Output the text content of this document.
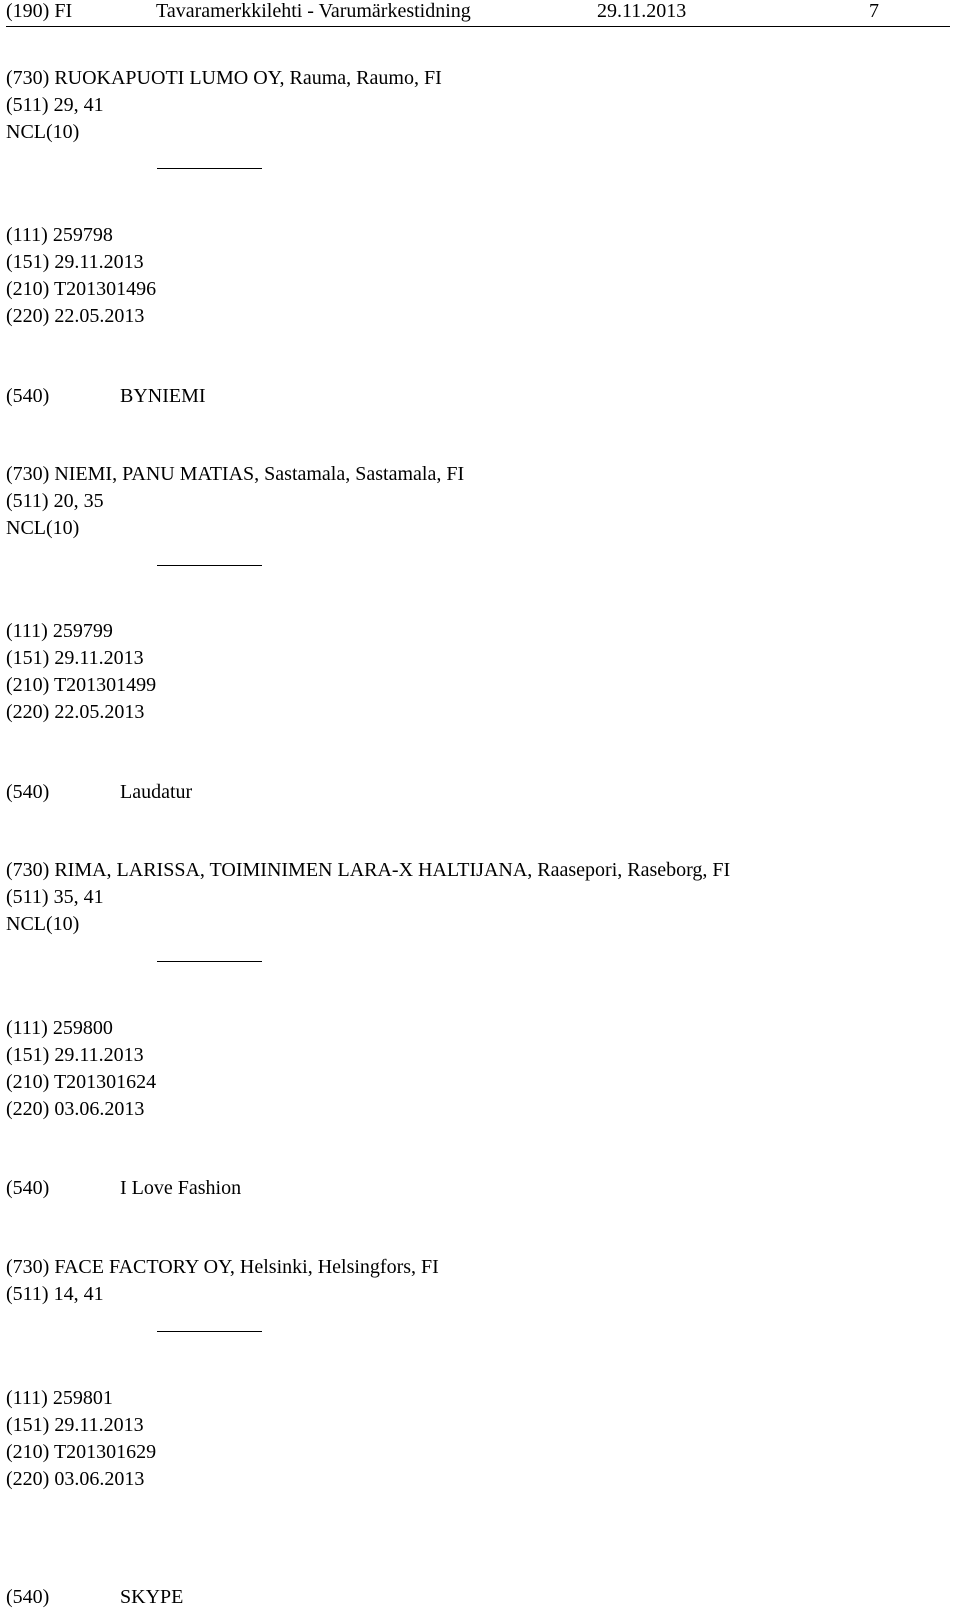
(190) FI	Tavaramerkkilehti - Varumärkestidning	29.11.2013	7
(730) RUOKAPUOTI LUMO OY, Rauma, Raumo, FI
(511) 29, 41
NCL(10)
(111) 259798
(151) 29.11.2013
(210) T201301496
(220) 22.05.2013
(540)	BYNIEMI
(730) NIEMI, PANU MATIAS, Sastamala, Sastamala, FI
(511) 20, 35
NCL(10)
(111) 259799
(151) 29.11.2013
(210) T201301499
(220) 22.05.2013
(540)	Laudatur
(730) RIMA, LARISSA, TOIMINIMEN LARA-X HALTIJANA, Raasepori, Raseborg, FI
(511) 35, 41
NCL(10)
(111) 259800
(151) 29.11.2013
(210) T201301624
(220) 03.06.2013
(540)	I Love Fashion
(730) FACE FACTORY OY, Helsinki, Helsingfors, FI
(511) 14, 41
(111) 259801
(151) 29.11.2013
(210) T201301629
(220) 03.06.2013
(540)	SKYPE
